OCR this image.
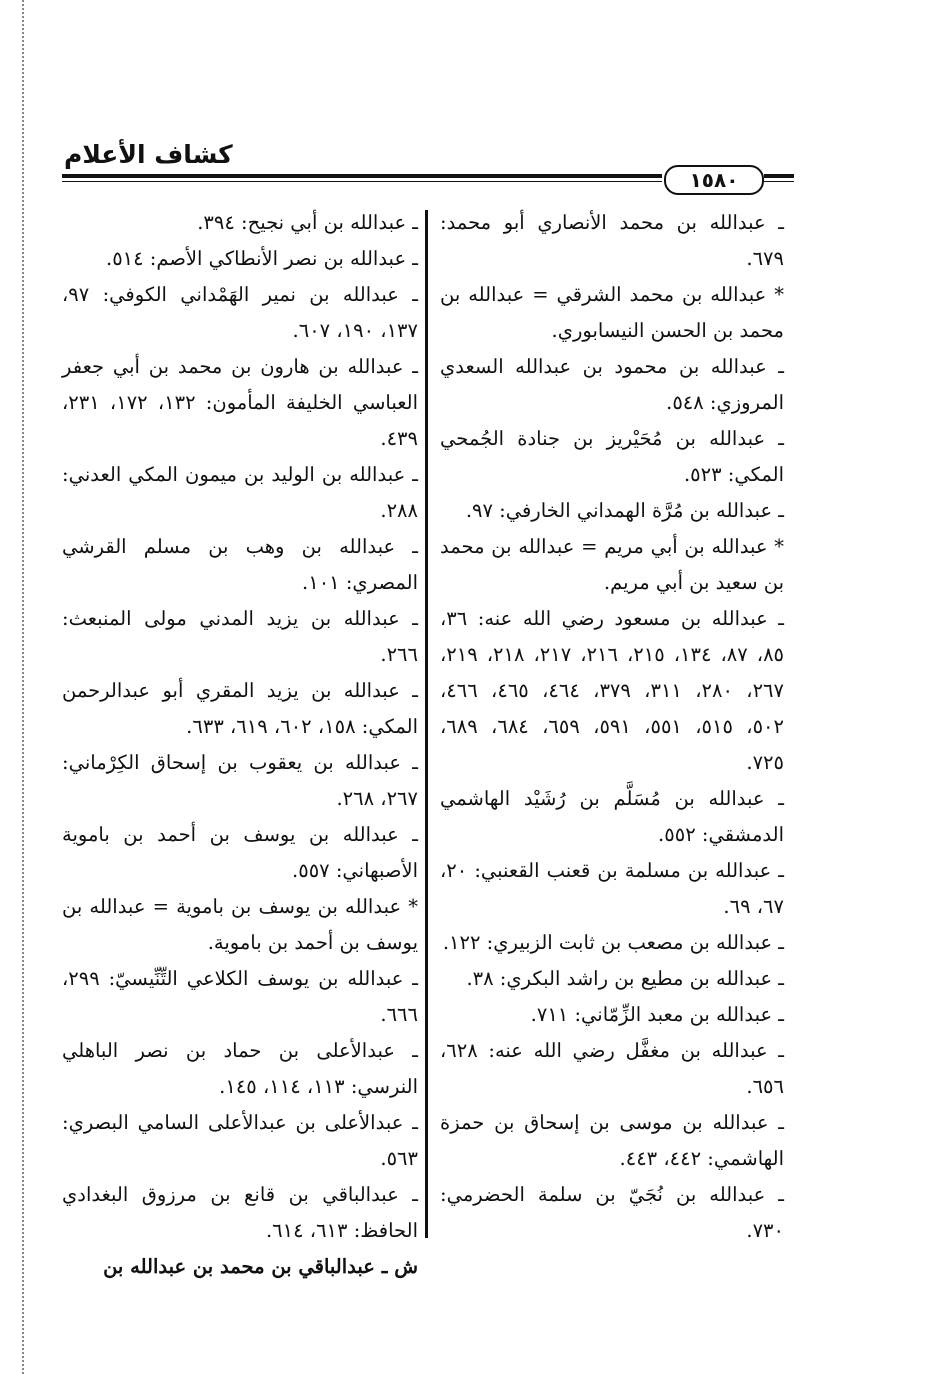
كشاف الأعلام
١٥٨٠

ـ عبدالله بن محمد الأنصاري أبو محمد: ٦٧٩.

* عبدالله بن محمد الشرقي = عبدالله بن محمد بن الحسن النيسابوري.

ـ عبدالله بن محمود بن عبدالله السعدي المروزي: ٥٤٨.

ـ عبدالله بن مُحَيْريز بن جنادة الجُمحي المكي: ٥٢٣.

ـ عبدالله بن مُرَّة الهمداني الخارفي: ٩٧.

* عبدالله بن أبي مريم = عبدالله بن محمد بن سعيد بن أبي مريم.

ـ عبدالله بن مسعود رضي الله عنه: ٣٦، ٨٥، ٨٧، ١٣٤، ٢١٥، ٢١٦، ٢١٧، ٢١٨، ٢١٩، ٢٦٧، ٢٨٠، ٣١١، ٣٧٩، ٤٦٤، ٤٦٥، ٤٦٦، ٥٠٢، ٥١٥، ٥٥١، ٥٩١، ٦٥٩، ٦٨٤، ٦٨٩، ٧٢٥.

ـ عبدالله بن مُسَلَّم بن رُشَيْد الهاشمي الدمشقي: ٥٥٢.

ـ عبدالله بن مسلمة بن قعنب القعنبي: ٢٠، ٦٧، ٦٩.

ـ عبدالله بن مصعب بن ثابت الزبيري: ١٢٢.

ـ عبدالله بن مطيع بن راشد البكري: ٣٨.

ـ عبدالله بن معبد الزِّمّاني: ٧١١.

ـ عبدالله بن مغفَّل رضي الله عنه: ٦٢٨، ٦٥٦.

ـ عبدالله بن موسى بن إسحاق بن حمزة الهاشمي: ٤٤٢، ٤٤٣.

ـ عبدالله بن نُجَيّ بن سلمة الحضرمي: ٧٣٠.

ـ عبدالله بن أبي نجيح: ٣٩٤.

ـ عبدالله بن نصر الأنطاكي الأصم: ٥١٤.

ـ عبدالله بن نمير الهَمْداني الكوفي: ٩٧، ١٣٧، ١٩٠، ٦٠٧.

ـ عبدالله بن هارون بن محمد بن أبي جعفر العباسي الخليفة المأمون: ١٣٢، ١٧٢، ٢٣١، ٤٣٩.

ـ عبدالله بن الوليد بن ميمون المكي العدني: ٢٨٨.

ـ عبدالله بن وهب بن مسلم القرشي المصري: ١٠١.

ـ عبدالله بن يزيد المدني مولى المنبعث: ٢٦٦.

ـ عبدالله بن يزيد المقري أبو عبدالرحمن المكي: ١٥٨، ٦٠٢، ٦١٩، ٦٣٣.

ـ عبدالله بن يعقوب بن إسحاق الكِرْماني: ٢٦٧، ٢٦٨.

ـ عبدالله بن يوسف بن أحمد بن باموية الأصبهاني: ٥٥٧.

* عبدالله بن يوسف بن باموية = عبدالله بن يوسف بن أحمد بن باموية.

ـ عبدالله بن يوسف الكلاعي التِّنِّيسيّ: ٢٩٩، ٦٦٦.

ـ عبدالأعلى بن حماد بن نصر الباهلي النرسي: ١١٣، ١١٤، ١٤٥.

ـ عبدالأعلى بن عبدالأعلى السامي البصري: ٥٦٣.

ـ عبدالباقي بن قانع بن مرزوق البغدادي الحافظ: ٦١٣، ٦١٤.

ش ـ عبدالباقي بن محمد بن عبدالله بن
